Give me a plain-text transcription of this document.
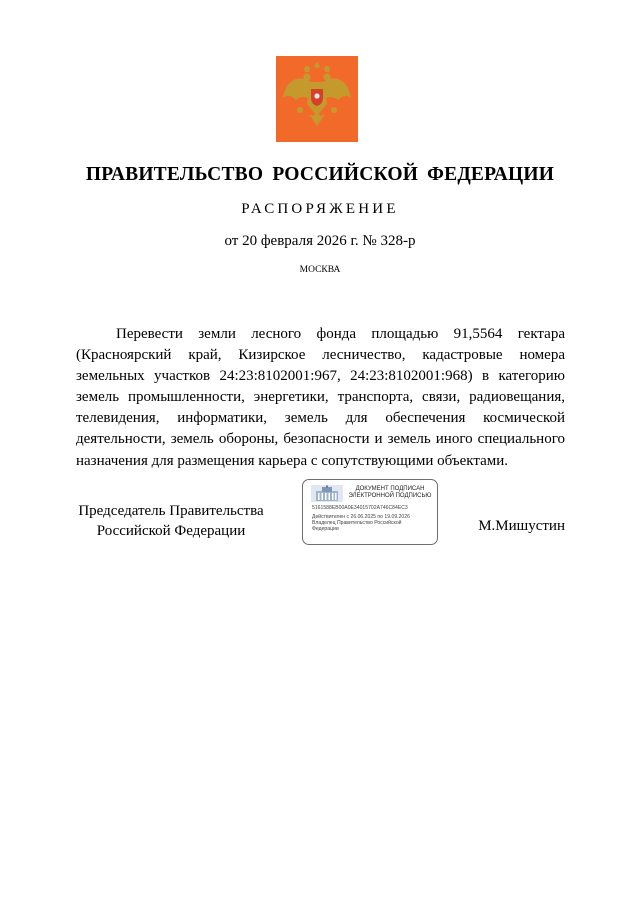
ПРАВИТЕЛЬСТВО РОССИЙСКОЙ ФЕДЕРАЦИИ
РАСПОРЯЖЕНИЕ
от 20 февраля 2026 г. № 328-р
МОСКВА

Перевести земли лесного фонда площадью 91,5564 гектара (Красноярский край, Кизирское лесничество, кадастровые номера земельных участков 24:23:8102001:967, 24:23:8102001:968) в категорию земель промышленности, энергетики, транспорта, связи, радиовещания, телевидения, информатики, земель для обеспечения космической деятельности, земель обороны, безопасности и земель иного специального назначения для размещения карьера с сопутствующими объектами.

Председатель Правительства
Российской Федерации
ДОКУМЕНТ ПОДПИСАН
ЭЛЕКТРОННОЙ ПОДПИСЬЮ
5161588EB00A0E34015702A746C84EC3
Действителен с 26.06.2025 по 19.09.2026
Владелец Правительство Российской Федерации	М.Мишустин
